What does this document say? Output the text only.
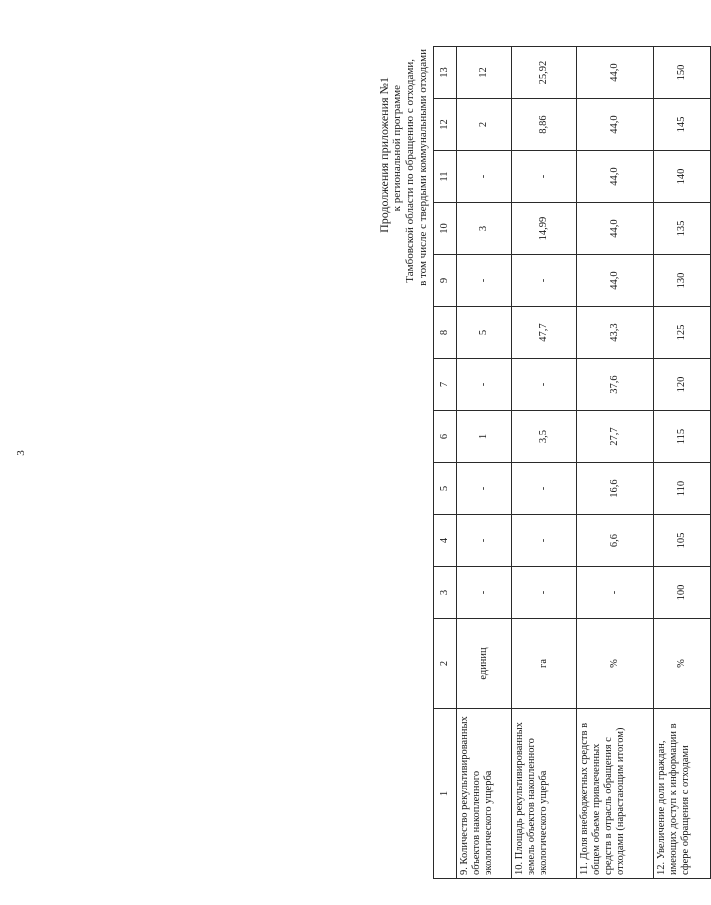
3
Продолжения приложения №1 к региональной программе Тамбовской области по обращению с отходами, в том числе с твердыми коммунальными отходами
1	2	3	4	5	6	7	8	9	10	11	12	13
9. Количество рекультивированных объектов накопленного экологического ущерба	единиц	-	-	-	1	-	5	-	3	-	2	12
10. Площадь рекультивированных земель объектов накопленного экологического ущерба	га	-	-	-	3,5	-	47,7	-	14,99	-	8,86	25,92
11. Доля внебюджетных средств в общем объеме привлеченных средств в отрасль обращения с отходами (нарастающим итогом)	%	-	6,6	16,6	27,7	37,6	43,3	44,0	44,0	44,0	44,0	44,0
12. Увеличение доли граждан, имеющих доступ к информации в сфере обращения с отходами	%	100	105	110	115	120	125	130	135	140	145	150
